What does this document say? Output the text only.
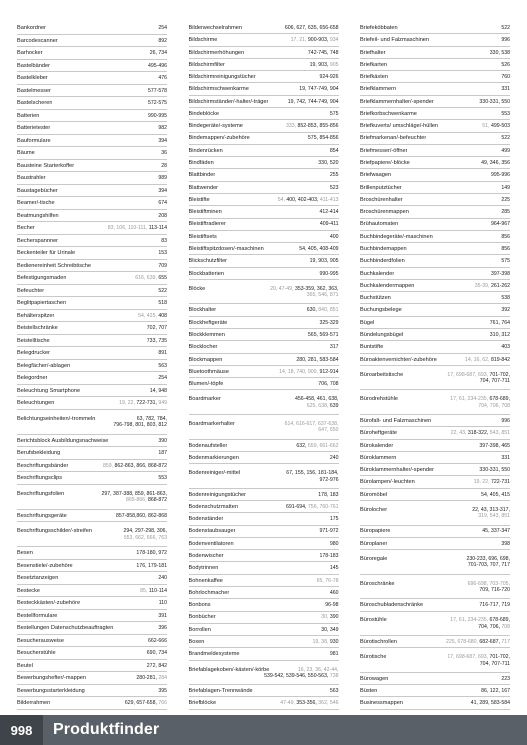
Bankordner	254
Barcodescanner	892
Barhocker	26, 734
Bastelbänder	495-496
Bastelkleber	476
Bastelmesser	577-578
Bastelscheren	572-575
Batterien	990-995
Batterietester	982
Bauformulare	394
Bäume	36
Bausteine Starterkoffer	28
Baustrahler	989
Baustagebücher	394
Beamer/-tische	674
Beatmungshilfen	208
Becher	83, 106, 110-111, 113-114
Becherspannner	83
Beckenteiler für Urinale	153
Bedienereinheit Schreibtische	709
Befestigungsmaden	616, 639, 655
Befeuchter	522
Beglitpapiertaschen	518
Behälterspitzer	54, 425, 408
Beistellschränke	702, 707
Beistelltische	733, 735
Belegdrucker	891
Belegfächer/-ablagen	563
Belegordner	254
Beleuchtung Smartphone	14, 948
Beleuchtungen	19, 22, 722-731, 949
Belichtungseinheiten/-trommeln	63, 782, 784,
796-798, 801, 803, 812
Berichtsblock Ausbildungsnachweise	390
Berufsbekleidung	187
Beschriftungsbänder	859, 862-863, 866, 868-872
Beschriftungsclips	553
Beschriftungsfolien	297, 387-388, 859, 861-863,
865-866, 868-872
Beschriftungsgeräte	857-858,860, 862-868
Beschriftungsschilder/-streifen	294, 297-298, 306,
553, 662, 666, 763
Besen	178-180, 972
Besenstiele/-zubehöre	176, 179-181
Besetztanzeigen	240
Besteckе	85, 110-114
Besteckkästen/-zubehöre	110
Bestellformulare	391
Bestellungen Datenschutzbeauftragten	396
Besucherausweise	662-666
Besucherstühle	690, 734
Beutel	272, 842
Bewerbungshefter/-mappen	280-281, 284
Bewerbungsstarterkleidung	395
Bilderrahmen	629, 657-658, 766
Bilderwechselrahmen	606, 627, 635, 656-658
Bildschirme	17, 21, 900-903, 934
Bildschirmerhöhungen	742-745, 748
Bildschirmfilter	19, 903, 905
Bildschirmreinigungstücher	924-926
Bildschirmschwenkarme	19, 747-749, 904
Bildschirmständer/-halter/-träger	19, 742, 744-749, 904
Bindeblöcke	575
Bindegeräte/-systeme	333, 852-853, 855-856
Bindemappen/-zubehöre	575, 854-856
Bindenrücken	854
Bindfäden	330, 520
Blattbinder	255
Blattwender	523
Bleistifte	54, 400, 402-403, 411-413
Bleistiftminen	412-414
Bleistiftradierer	409-411
Bleistiftsets	400
Bleistiftspitzdosen/-maschinen	54, 405, 408-409
Blickschutzfilter	19, 903, 905
Blockbatterien	990-995
Blöcke	20, 47-49, 353-359, 362, 363,
365, 546, 871
Blockhalter	630, 840, 851
Blockheftgeräte	325-329
Blockklemmen	565, 569-571
Blocklocher	317
Blockmappen	280, 281, 583-584
Bluetoothmäuse	14, 18, 740, 900, 912-914
Blumen/-töpfe	706, 708
Boardmarker	456-458, 461, 638,
625, 638, 639
Boardmarkerhalter	614, 616-617, 637-638,
647, 650
Bodenaufsteller	632, 659, 661-662
Bodenmarkierungen	240
Bodenreiniger/-mittel	67, 155, 156, 181-184,
972-976
Bodenreinigungstücher	178, 183
Bodenschutzmatten	691-694, 756, 760-761
Bodenständer	175
Bodenstaubsauger	971-972
Bodenventilatoren	980
Bodenwischer	178-183
Bodytrinnen	145
Bohnenkaffee	65, 76-78
Bohrlochmacher	460
Bonbons	96-98
Bonbücher	30, 390
Borrollen	30, 349
Boxen	19, 38, 930
Brandmeldesysteme	981
Briefablagekoben/-kästen/-körbe	16, 23, 36, 42-44,
539-542, 539-546, 550-563, 738
Briefablagen-Trennwände	563
Briefblöcke	47-49, 353-356, 362, 546
Briefeköbbaten	522
Briefeil- und Falzmaschinen	996
Briefhalter	330, 538
Briefkarten	526
Briefkästen	760
Briefklammern	331
Briefklammernhalter/-spender	330-331, 550
Briefkorbschwenkarme	553
Briefkuverts/ umschläge/-hüllen	51, 499-503
Briefmarkenan/-befeuchter	522
Briefmesser/-öffner	499
Briefpapiere/-blöcke	49, 346, 356
Briefwaagen	995-996
Brillenputztücher	149
Broschürenhalter	225
Broschürenmappen	285
Brühautomaten	964-967
Buchbindegeräte/-maschinen	856
Buchbindemappen	856
Buchbinderdfolien	575
Buchkalender	397-398
Buchkalendermappen	35-39, 261-262
Buchstützen	538
Buchungsbelege	392
Bügel	761, 764
Bündelungsbügel	310, 312
Buntstifte	403
Büroaktenvernichter/-zubehöre	14, 16, 62, 819-842
Büroarbeitstische	17, 698-687, 693, 701-702,
704, 707-711
Bürodrehstühle	17, 61, 234-235, 678-689,
704, 706, 708
Bürofalt- und Falzmaschinen	996
Büroheftgeräte	22, 43, 318-322, 543, 851
Bürokalender	397-398, 465
Büroklammern	331
Büroklammernhalter/-spender	330-331, 550
Bürolampen/-leuchten	19, 22, 722-731
Büromöbel	54, 405, 415
Bürolocher	22, 43, 313-317,
319, 543, 851
Büropapiere	45, 337-347
Büroplaner	398
Büroregale	230-233, 696, 698,
701-703, 707, 717
Büroschränke	696-698, 703-705,
709, 716-720
Büroschubladenschränke	716-717, 719
Bürostühle	17, 61, 234-235, 678-689,
704, 706, 708
Bürotischrollen	225, 678-680, 682-687, 717
Bürotische	17, 698-687, 693, 701-702,
704, 707-711
Bürowagen	223
Büsten	86, 122, 167
Businessmappen	41, 289, 583-584
998	Produktfinder
